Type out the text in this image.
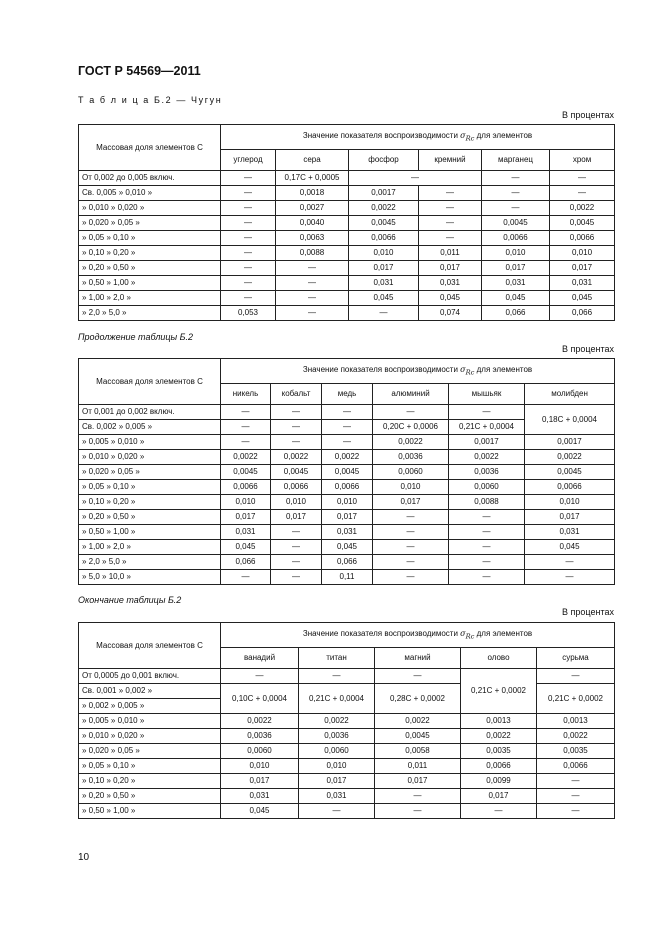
ГОСТ Р 54569—2011
Т а б л и ц а Б.2 — Чугун
В процентах
Массовая доля элементов С	Значение показателя воспроизводимости $\sigma_{Rc}$ для элементов					
	углерод	сера	фосфор	кремний	марганец	хром
От 0,002 до 0,005 включ.	—	0,17С + 0,0005	—		—	—
Св. 0,005 » 0,010 »	—	0,0018	0,0017	—	—	—
» 0,010 » 0,020 »	—	0,0027	0,0022	—	—	0,0022
» 0,020 » 0,05 »	—	0,0040	0,0045	—	0,0045	0,0045
» 0,05 » 0,10 »	—	0,0063	0,0066	—	0,0066	0,0066
» 0,10 » 0,20 »	—	0,0088	0,010	0,011	0,010	0,010
» 0,20 » 0,50 »	—	—	0,017	0,017	0,017	0,017
» 0,50 » 1,00 »	—	—	0,031	0,031	0,031	0,031
» 1,00 » 2,0 »	—	—	0,045	0,045	0,045	0,045
» 2,0 » 5,0 »	0,053	—	—	0,074	0,066	0,066
Продолжение таблицы Б.2
В процентах
Массовая доля элементов С	Значение показателя воспроизводимости $\sigma_{Rc}$ для элементов					
	никель	кобальт	медь	алюминий	мышьяк	молибден
От 0,001 до 0,002 включ.	—	—	—	—	—	0,18С + 0,0004
Св. 0,002 » 0,005 »	—	—	—	0,20С + 0,0006	0,21С + 0,0004	
» 0,005 » 0,010 »	—	—	—	0,0022	0,0017	0,0017
» 0,010 » 0,020 »	0,0022	0,0022	0,0022	0,0036	0,0022	0,0022
» 0,020 » 0,05 »	0,0045	0,0045	0,0045	0,0060	0,0036	0,0045
» 0,05 » 0,10 »	0,0066	0,0066	0,0066	0,010	0,0060	0,0066
» 0,10 » 0,20 »	0,010	0,010	0,010	0,017	0,0088	0,010
» 0,20 » 0,50 »	0,017	0,017	0,017	—	—	0,017
» 0,50 » 1,00 »	0,031	—	0,031	—	—	0,031
» 1,00 » 2,0 »	0,045	—	0,045	—	—	0,045
» 2,0 » 5,0 »	0,066	—	0,066	—	—	—
» 5,0 » 10,0 »	—	—	0,11	—	—	—
Окончание таблицы Б.2
В процентах
Массовая доля элементов С	Значение показателя воспроизводимости $\sigma_{Rc}$ для элементов				
	ванадий	титан	магний	олово	сурьма
От 0,0005 до 0,001 включ.	—	—	—	0,21С + 0,0002	—
Св. 0,001 » 0,002 »	0,10С + 0,0004	0,21С + 0,0004	0,28С + 0,0002		0,21С + 0,0002
» 0,002 » 0,005 »					
» 0,005 » 0,010 »	0,0022	0,0022	0,0022	0,0013	0,0013
» 0,010 » 0,020 »	0,0036	0,0036	0,0045	0,0022	0,0022
» 0,020 » 0,05 »	0,0060	0,0060	0,0058	0,0035	0,0035
» 0,05 » 0,10 »	0,010	0,010	0,011	0,0066	0,0066
» 0,10 » 0,20 »	0,017	0,017	0,017	0,0099	—
» 0,20 » 0,50 »	0,031	0,031	—	0,017	—
» 0,50 » 1,00 »	0,045	—	—	—	—
10
